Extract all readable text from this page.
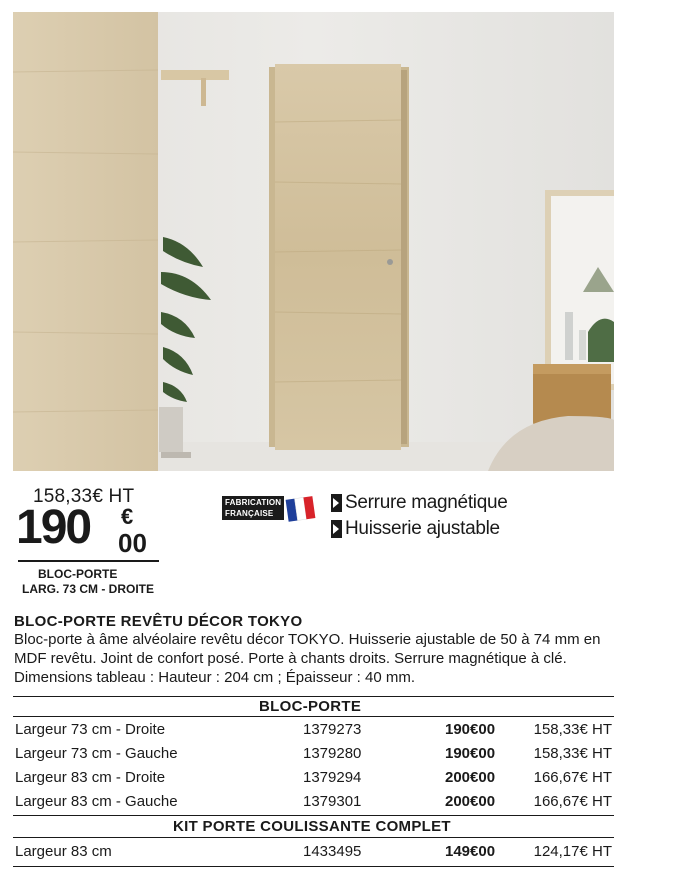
158,33€ HT
190 €
00
BLOC-PORTE
LARG. 73 CM - DROITE
FABRICATION
FRANÇAISE
Serrure magnétique
Huisserie ajustable
BLOC-PORTE REVÊTU DÉCOR TOKYO
Bloc-porte à âme alvéolaire revêtu décor TOKYO. Huisserie ajustable de 50 à 74 mm en MDF revêtu. Joint de confort posé. Porte à chants droits. Serrure magnétique à clé. Dimensions tableau : Hauteur : 204 cm ; Épaisseur : 40 mm.
BLOC-PORTE
Largeur 73 cm - Droite	1379273	190€00	158,33€ HT
Largeur 73 cm - Gauche	1379280	190€00	158,33€ HT
Largeur 83 cm - Droite	1379294	200€00	166,67€ HT
Largeur 83 cm - Gauche	1379301	200€00	166,67€ HT
KIT PORTE COULISSANTE COMPLET
Largeur 83 cm	1433495	149€00	124,17€ HT
